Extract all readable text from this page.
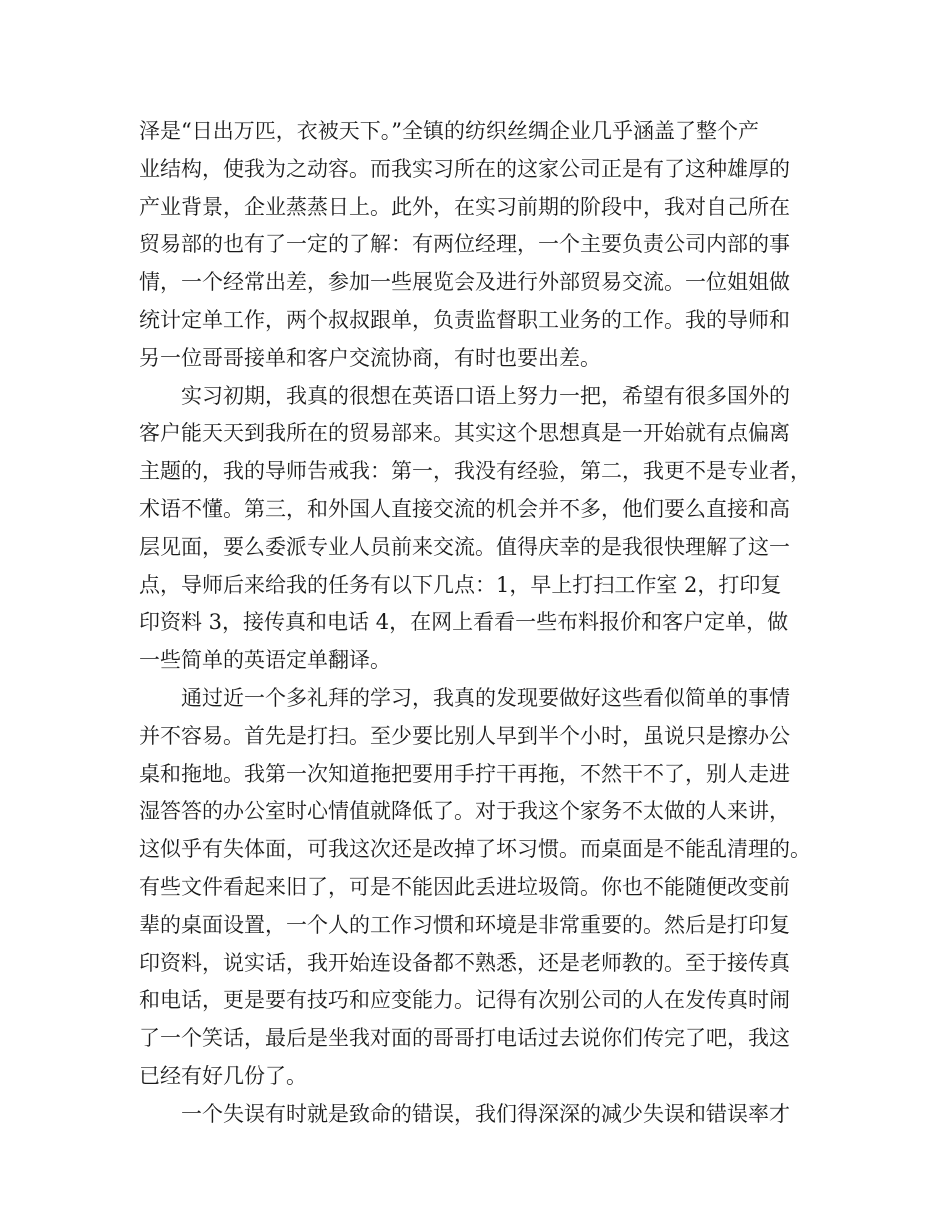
泽是“日出万匹，衣被天下。”全镇的纺织丝绸企业几乎涵盖了整个产
业结构，使我为之动容。而我实习所在的这家公司正是有了这种雄厚的
产业背景，企业蒸蒸日上。此外，在实习前期的阶段中，我对自己所在
贸易部的也有了一定的了解：有两位经理，一个主要负责公司内部的事
情，一个经常出差，参加一些展览会及进行外部贸易交流。一位姐姐做
统计定单工作，两个叔叔跟单，负责监督职工业务的工作。我的导师和
另一位哥哥接单和客户交流协商，有时也要出差。
实习初期，我真的很想在英语口语上努力一把，希望有很多国外的
客户能天天到我所在的贸易部来。其实这个思想真是一开始就有点偏离
主题的，我的导师告戒我：第一，我没有经验，第二，我更不是专业者，
术语不懂。第三，和外国人直接交流的机会并不多，他们要么直接和高
层见面，要么委派专业人员前来交流。值得庆幸的是我很快理解了这一
点，导师后来给我的任务有以下几点：1，早上打扫工作室 2，打印复
印资料 3，接传真和电话 4，在网上看看一些布料报价和客户定单，做
一些简单的英语定单翻译。
通过近一个多礼拜的学习，我真的发现要做好这些看似简单的事情
并不容易。首先是打扫。至少要比别人早到半个小时，虽说只是擦办公
桌和拖地。我第一次知道拖把要用手拧干再拖，不然干不了，别人走进
湿答答的办公室时心情值就降低了。对于我这个家务不太做的人来讲，
这似乎有失体面，可我这次还是改掉了坏习惯。而桌面是不能乱清理的。
有些文件看起来旧了，可是不能因此丢进垃圾筒。你也不能随便改变前
辈的桌面设置，一个人的工作习惯和环境是非常重要的。然后是打印复
印资料，说实话，我开始连设备都不熟悉，还是老师教的。至于接传真
和电话，更是要有技巧和应变能力。记得有次别公司的人在发传真时闹
了一个笑话，最后是坐我对面的哥哥打电话过去说你们传完了吧，我这
已经有好几份了。
一个失误有时就是致命的错误，我们得深深的减少失误和错误率才
